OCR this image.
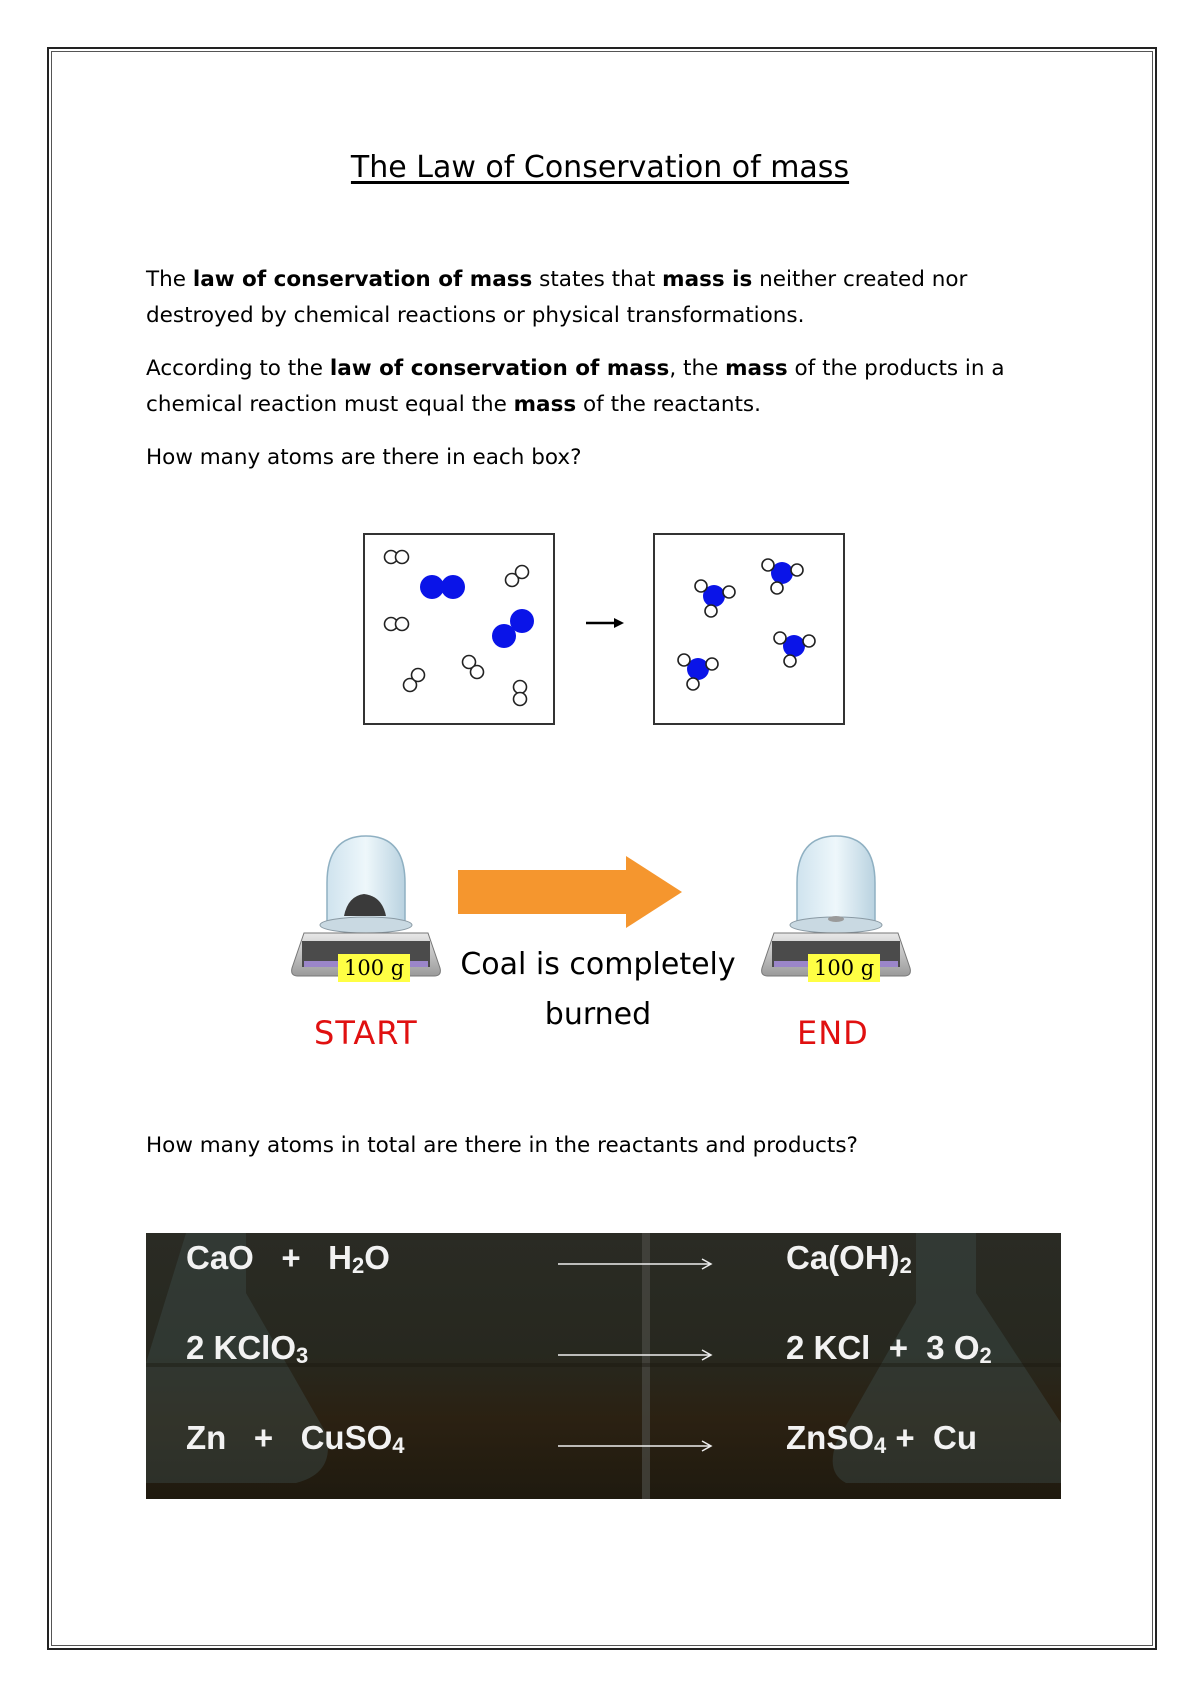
The Law of Conservation of mass

The law of conservation of mass states that mass is neither created nor destroyed by chemical reactions or physical transformations.

According to the law of conservation of mass, the mass of the products in a chemical reaction must equal the mass of the reactants.

How many atoms are there in each box?

100 g	100 g
Coal is completely
burned
START	END

How many atoms in total are there in the reactants and products?

CaO   +   $H_2O$	$Ca(OH)_2$
2 KClO$_3$	2 KCl  +  3 $O_2$
Zn   +   CuSO$_4$	ZnSO$_4$ +  Cu
